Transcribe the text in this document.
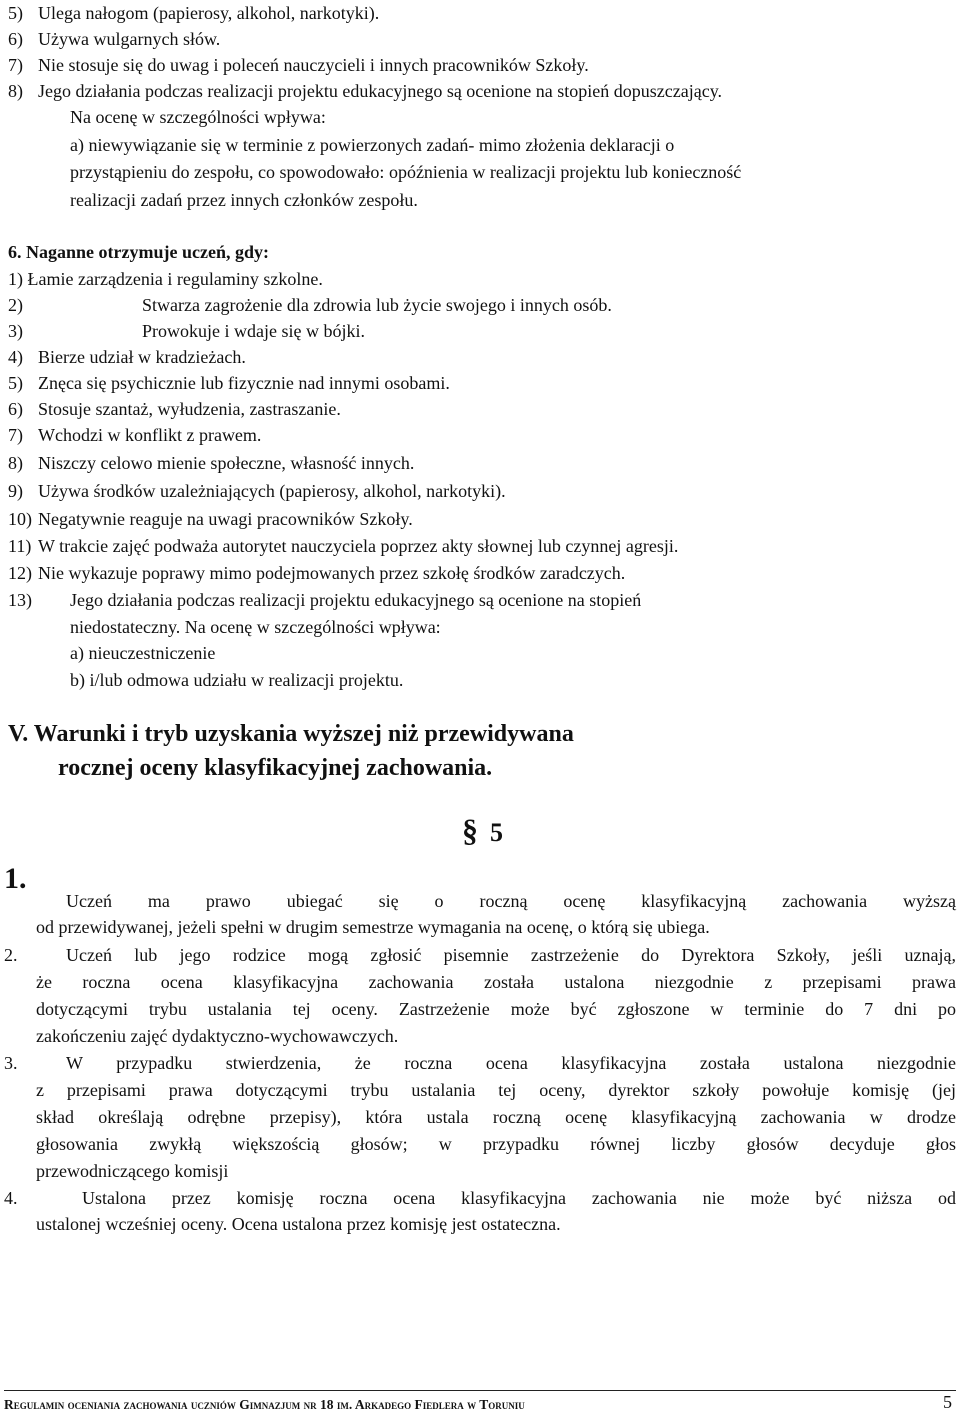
5) Ulega nałogom (papierosy, alkohol, narkotyki).
6) Używa wulgarnych słów.
7) Nie stosuje się do uwag i poleceń nauczycieli i innych pracowników Szkoły.
8) Jego działania podczas realizacji projektu edukacyjnego są ocenione na stopień dopuszczający.
Na ocenę w szczególności wpływa:
a) niewywiązanie się w terminie z powierzonych zadań- mimo złożenia deklaracji o
przystąpieniu do zespołu, co spowodowało: opóźnienia w realizacji projektu lub konieczność
realizacji zadań przez innych członków zespołu.
6. Naganne otrzymuje uczeń, gdy:
1) Łamie zarządzenia i regulaminy szkolne.
2)	Stwarza zagrożenie dla zdrowia lub życie swojego i innych osób.
3)	Prowokuje i wdaje się w bójki.
4) Bierze udział w kradzieżach.
5) Znęca się psychicznie lub fizycznie nad innymi osobami.
6) Stosuje szantaż, wyłudzenia, zastraszanie.
7) Wchodzi w konflikt z prawem.
8) Niszczy celowo mienie społeczne, własność innych.
9) Używa środków uzależniających (papierosy, alkohol, narkotyki).
10) Negatywnie reaguje na uwagi pracowników Szkoły.
11) W trakcie zajęć podważa autorytet nauczyciela poprzez akty słownej lub czynnej agresji.
12) Nie wykazuje poprawy mimo podejmowanych przez szkołę środków zaradczych.
13) Jego działania podczas realizacji projektu edukacyjnego są ocenione na stopień
niedostateczny. Na ocenę w szczególności wpływa:
a) nieuczestniczenie
b) i/lub odmowa udziału w realizacji projektu.
V. Warunki i tryb uzyskania wyższej niż przewidywana
rocznej oceny klasyfikacyjnej zachowania.
§ 5
1.
Uczeń ma prawo ubiegać się o roczną ocenę klasyfikacyjną zachowania wyższą
od przewidywanej, jeżeli spełni w drugim semestrze wymagania na ocenę, o którą się ubiega.
2.	Uczeń lub jego rodzice mogą zgłosić pisemnie zastrzeżenie do Dyrektora Szkoły, jeśli uznają,
że roczna ocena klasyfikacyjna zachowania została ustalona niezgodnie z przepisami prawa
dotyczącymi trybu ustalania tej oceny. Zastrzeżenie może być zgłoszone w terminie do 7 dni po
zakończeniu zajęć dydaktyczno-wychowawczych.
3.	W przypadku stwierdzenia, że roczna ocena klasyfikacyjna została ustalona niezgodnie
z przepisami prawa dotyczącymi trybu ustalania tej oceny, dyrektor szkoły powołuje komisję (jej
skład określają odrębne przepisy), która ustala roczną ocenę klasyfikacyjną zachowania w drodze
głosowania zwykłą większością głosów; w przypadku równej liczby głosów decyduje głos
przewodniczącego komisji
4.	Ustalona przez komisję roczna ocena klasyfikacyjna zachowania nie może być niższa od
ustalonej wcześniej oceny. Ocena ustalona przez komisję jest ostateczna.
Regulamin oceniania zachowania uczniów Gimnazjum nr 18 im. Arkadego Fiedlera w Toruniu	5
